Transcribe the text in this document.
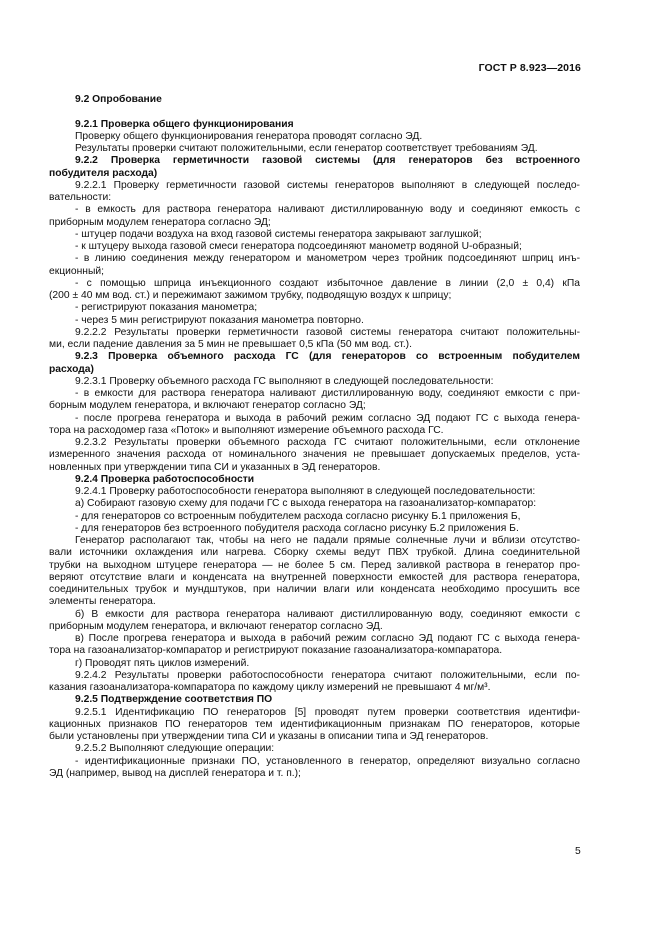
ГОСТ Р 8.923—2016
9.2 Опробование
9.2.1 Проверка общего функционирования
Проверку общего функционирования генератора проводят согласно ЭД.
Результаты проверки считают положительными, если генератор соответствует требованиям ЭД.
9.2.2 Проверка герметичности газовой системы (для генераторов без встроенного
побудителя расхода)
9.2.2.1 Проверку герметичности газовой системы генераторов выполняют в следующей последо-
вательности:
- в емкость для раствора генератора наливают дистиллированную воду и соединяют емкость с
приборным модулем генератора согласно ЭД;
- штуцер подачи воздуха на вход газовой системы генератора закрывают заглушкой;
- к штуцеру выхода газовой смеси генератора подсоединяют манометр водяной U-образный;
- в линию соединения между генератором и манометром через тройник подсоединяют шприц инъ-
екционный;
- с помощью шприца инъекционного создают избыточное давление в линии (2,0 ± 0,4) кПа
(200 ± 40 мм вод. ст.) и пережимают зажимом трубку, подводящую воздух к шприцу;
- регистрируют показания манометра;
- через 5 мин регистрируют показания манометра повторно.
9.2.2.2 Результаты проверки герметичности газовой системы генератора считают положительны-
ми, если падение давления за 5 мин не превышает 0,5 кПа (50 мм вод. ст.).
9.2.3 Проверка объемного расхода ГС (для генераторов со встроенным побудителем
расхода)
9.2.3.1 Проверку объемного расхода ГС выполняют в следующей последовательности:
- в емкости для раствора генератора наливают дистиллированную воду, соединяют емкости с при-
борным модулем генератора, и включают генератор согласно ЭД;
- после прогрева генератора и выхода в рабочий режим согласно ЭД подают ГС с выхода генера-
тора на расходомер газа «Поток» и выполняют измерение объемного расхода ГС.
9.2.3.2 Результаты проверки объемного расхода ГС считают положительными, если отклонение
измеренного значения расхода от номинального значения не превышает допускаемых пределов, уста-
новленных при утверждении типа СИ и указанных в ЭД генераторов.
9.2.4 Проверка работоспособности
9.2.4.1 Проверку работоспособности генератора выполняют в следующей последовательности:
а) Собирают газовую схему для подачи ГС с выхода генератора на газоанализатор-компаратор:
- для генераторов со встроенным побудителем расхода согласно рисунку Б.1 приложения Б,
- для генераторов без встроенного побудителя расхода согласно рисунку Б.2 приложения Б.
Генератор располагают так, чтобы на него не падали прямые солнечные лучи и вблизи отсутство-
вали источники охлаждения или нагрева. Сборку схемы ведут ПВХ трубкой. Длина соединительной
трубки на выходном штуцере генератора — не более 5 см. Перед заливкой раствора в генератор про-
веряют отсутствие влаги и конденсата на внутренней поверхности емкостей для раствора генератора,
соединительных трубок и мундштуков, при наличии влаги или конденсата необходимо просушить все
элементы генератора.
б) В емкости для раствора генератора наливают дистиллированную воду, соединяют емкости с
приборным модулем генератора, и включают генератор согласно ЭД.
в) После прогрева генератора и выхода в рабочий режим согласно ЭД подают ГС с выхода генера-
тора на газоанализатор-компаратор и регистрируют показание газоанализатора-компаратора.
г) Проводят пять циклов измерений.
9.2.4.2 Результаты проверки работоспособности генератора считают положительными, если по-
казания газоанализатора-компаратора по каждому циклу измерений не превышают 4 мг/м³.
9.2.5 Подтверждение соответствия ПО
9.2.5.1 Идентификацию ПО генераторов [5] проводят путем проверки соответствия идентифи-
кационных признаков ПО генераторов тем идентификационным признакам ПО генераторов, которые
были установлены при утверждении типа СИ и указаны в описании типа и ЭД генераторов.
9.2.5.2 Выполняют следующие операции:
- идентификационные признаки ПО, установленного в генератор, определяют визуально согласно
ЭД (например, вывод на дисплей генератора и т. п.);
5
